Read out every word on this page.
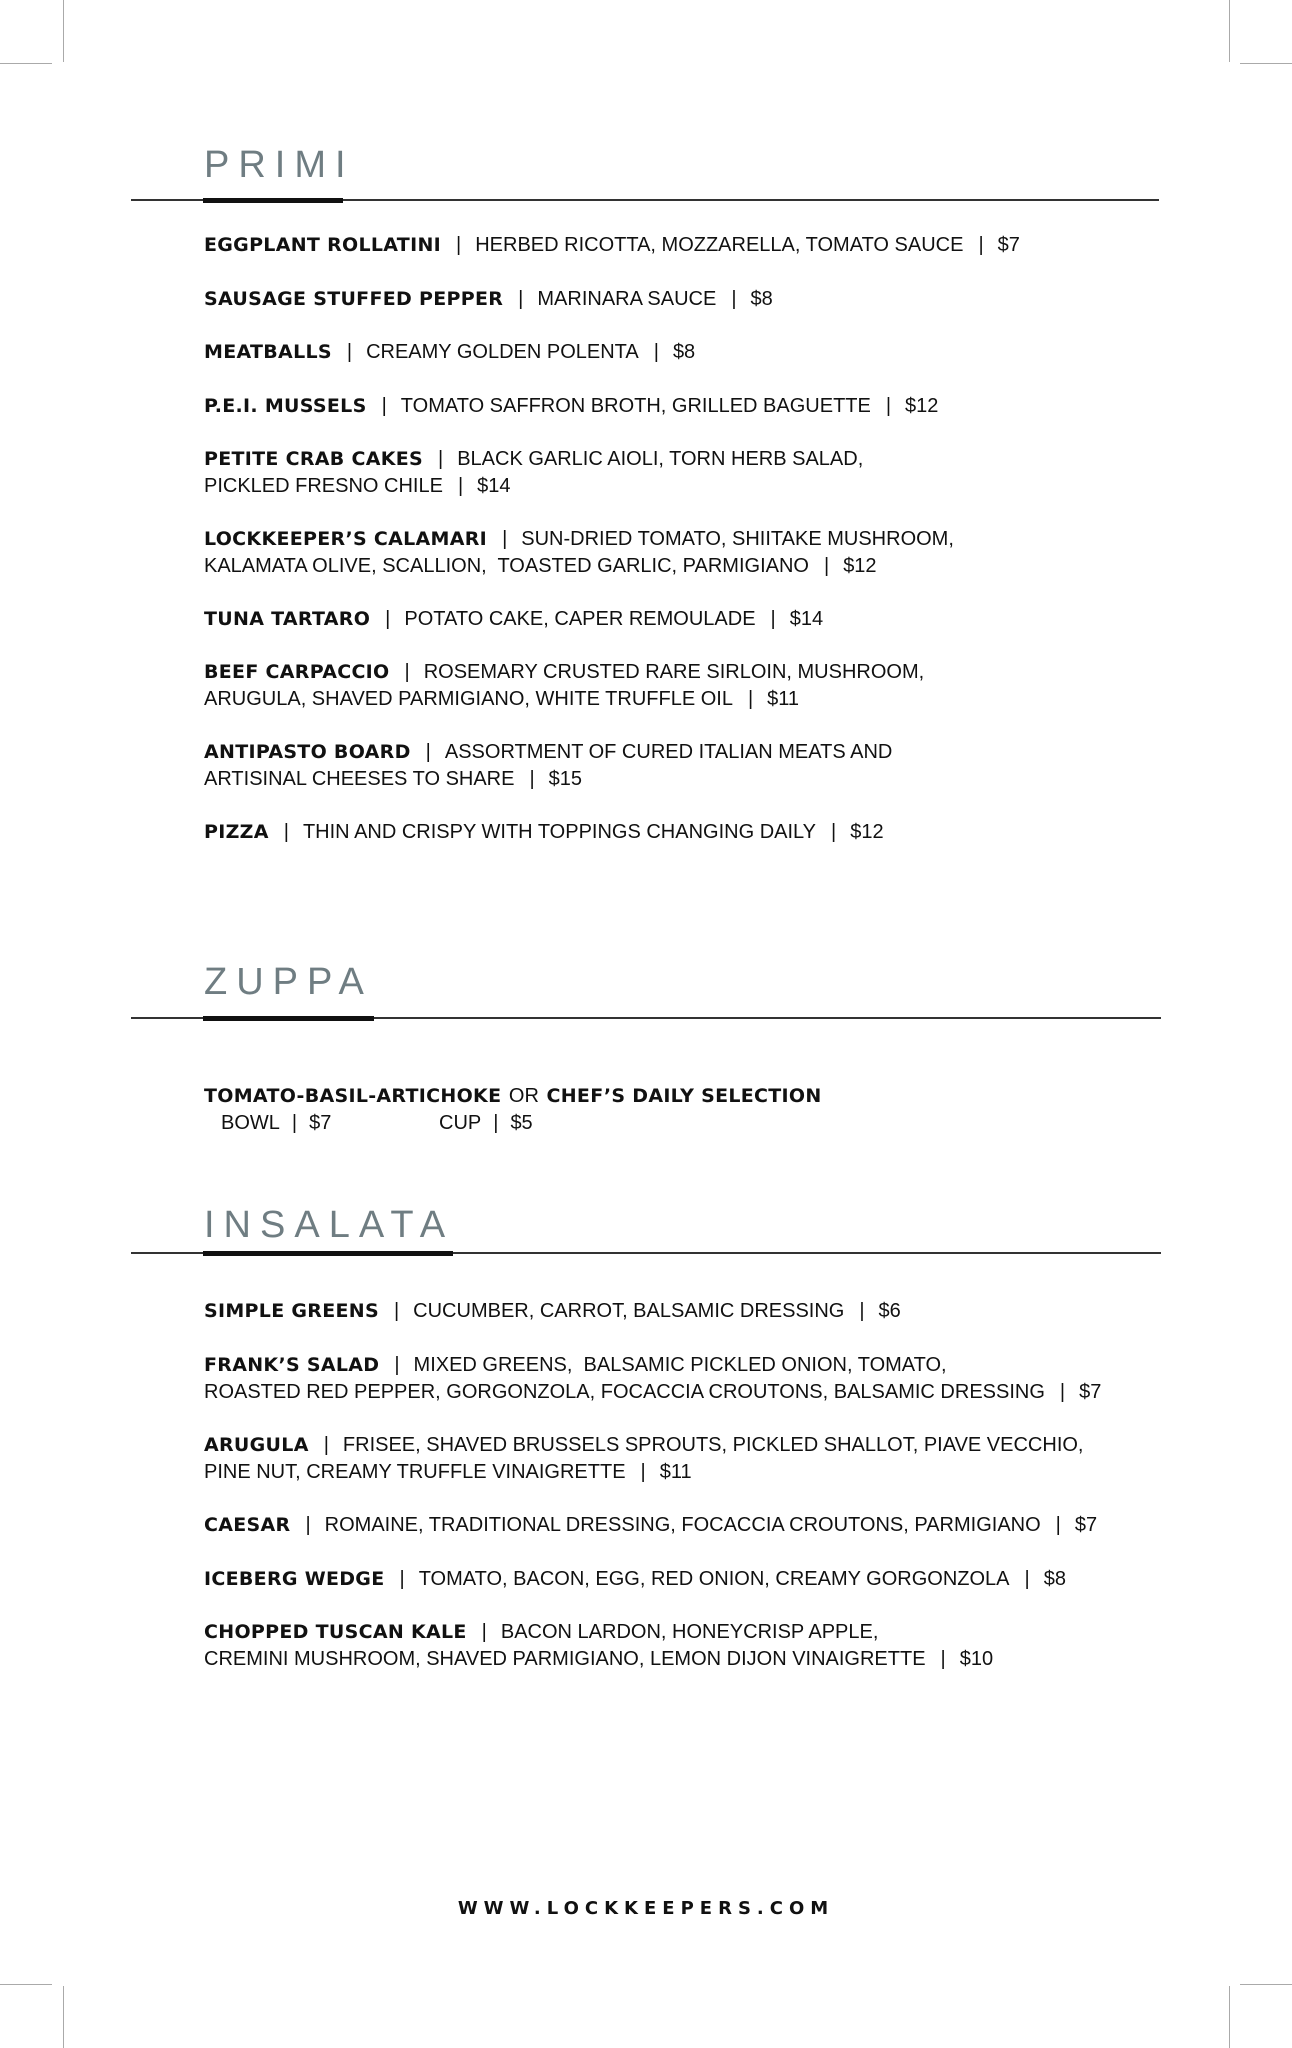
PRIMI

EGGPLANT ROLLATINI | HERBED RICOTTA, MOZZARELLA, TOMATO SAUCE | $7

SAUSAGE STUFFED PEPPER | MARINARA SAUCE | $8

MEATBALLS | CREAMY GOLDEN POLENTA | $8

P.E.I. MUSSELS | TOMATO SAFFRON BROTH, GRILLED BAGUETTE | $12

PETITE CRAB CAKES | BLACK GARLIC AIOLI, TORN HERB SALAD,
PICKLED FRESNO CHILE | $14

LOCKKEEPER’S CALAMARI | SUN-DRIED TOMATO, SHIITAKE MUSHROOM,
KALAMATA OLIVE, SCALLION,  TOASTED GARLIC, PARMIGIANO | $12

TUNA TARTARO | POTATO CAKE, CAPER REMOULADE | $14

BEEF CARPACCIO | ROSEMARY CRUSTED RARE SIRLOIN, MUSHROOM,
ARUGULA, SHAVED PARMIGIANO, WHITE TRUFFLE OIL | $11

ANTIPASTO BOARD | ASSORTMENT OF CURED ITALIAN MEATS AND
ARTISINAL CHEESES TO SHARE | $15

PIZZA | THIN AND CRISPY WITH TOPPINGS CHANGING DAILY | $12

ZUPPA

TOMATO-BASIL-ARTICHOKE OR CHEF’S DAILY SELECTION

BOWL | $7	CUP | $5

INSALATA

SIMPLE GREENS | CUCUMBER, CARROT, BALSAMIC DRESSING | $6

FRANK’S SALAD | MIXED GREENS,  BALSAMIC PICKLED ONION, TOMATO,
ROASTED RED PEPPER, GORGONZOLA, FOCACCIA CROUTONS, BALSAMIC DRESSING | $7

ARUGULA | FRISEE, SHAVED BRUSSELS SPROUTS, PICKLED SHALLOT, PIAVE VECCHIO,
PINE NUT, CREAMY TRUFFLE VINAIGRETTE | $11

CAESAR | ROMAINE, TRADITIONAL DRESSING, FOCACCIA CROUTONS, PARMIGIANO | $7

ICEBERG WEDGE | TOMATO, BACON, EGG, RED ONION, CREAMY GORGONZOLA | $8

CHOPPED TUSCAN KALE | BACON LARDON, HONEYCRISP APPLE,
CREMINI MUSHROOM, SHAVED PARMIGIANO, LEMON DIJON VINAIGRETTE | $10

WWW.LOCKKEEPERS.COM
